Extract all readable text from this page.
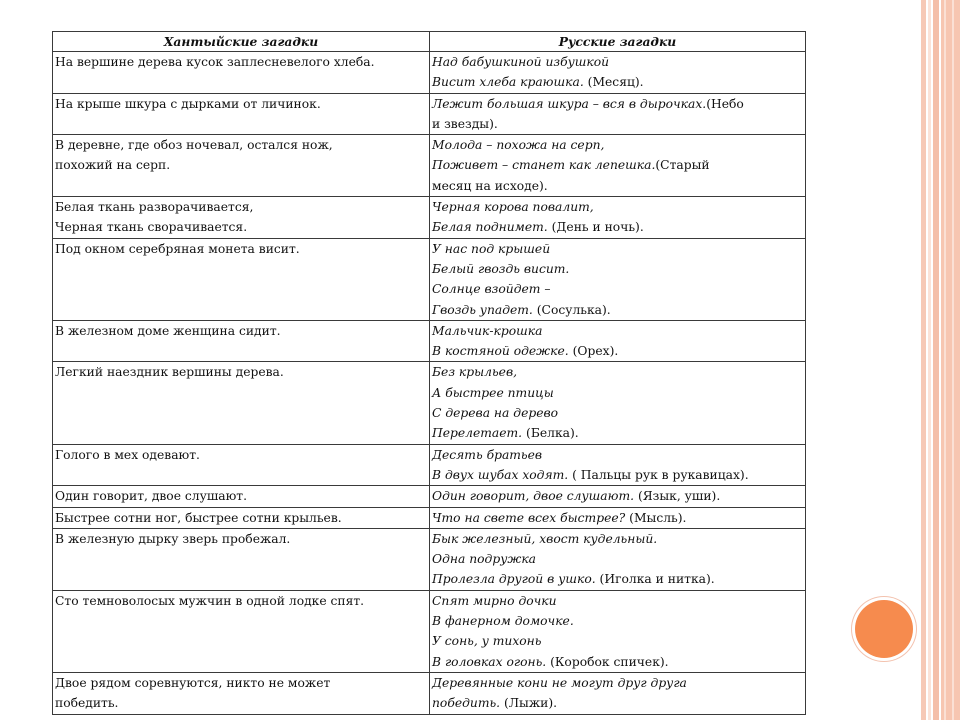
Хантыйские загадки	Русские загадки

На вершине дерева кусок заплесневелого хлеба.	Над бабушкиной избушкой
Висит хлеба краюшка. (Месяц).

На крыше шкура с дырками от личинок.	Лежит большая шкура – вся в дырочках.(Небо
и звезды).

В деревне, где обоз ночевал, остался нож,
похожий на серп.	Молода – похожа на серп,
Поживет – станет как лепешка.(Старый
месяц на исходе).

Белая ткань разворачивается,
Черная ткань сворачивается.	Черная корова повалит,
Белая поднимет. (День и ночь).

Под окном серебряная монета висит.	У нас под крышей
Белый гвоздь висит.
Солнце взойдет –
Гвоздь упадет. (Сосулька).

В железном доме женщина сидит.	Мальчик-крошка
В костяной одежке. (Орех).

Легкий наездник вершины дерева.	Без крыльев,
А быстрее птицы
С дерева на дерево
Перелетает. (Белка).

Голого в мех одевают.	Десять братьев
В двух шубах ходят. ( Пальцы рук в рукавицах).

Один говорит, двое слушают.	Один говорит, двое слушают. (Язык, уши).

Быстрее сотни ног, быстрее сотни крыльев.	Что на свете всех быстрее? (Мысль).

В железную дырку зверь пробежал.	Бык железный, хвост кудельный.
Одна подружка
Пролезла другой в ушко. (Иголка и нитка).

Сто темноволосых мужчин в одной лодке спят.	Спят мирно дочки
В фанерном домочке.
У сонь, у тихонь
В головках огонь. (Коробок спичек).

Двое рядом соревнуются, никто не может
победить.	Деревянные кони не могут друг друга
победить. (Лыжи).
